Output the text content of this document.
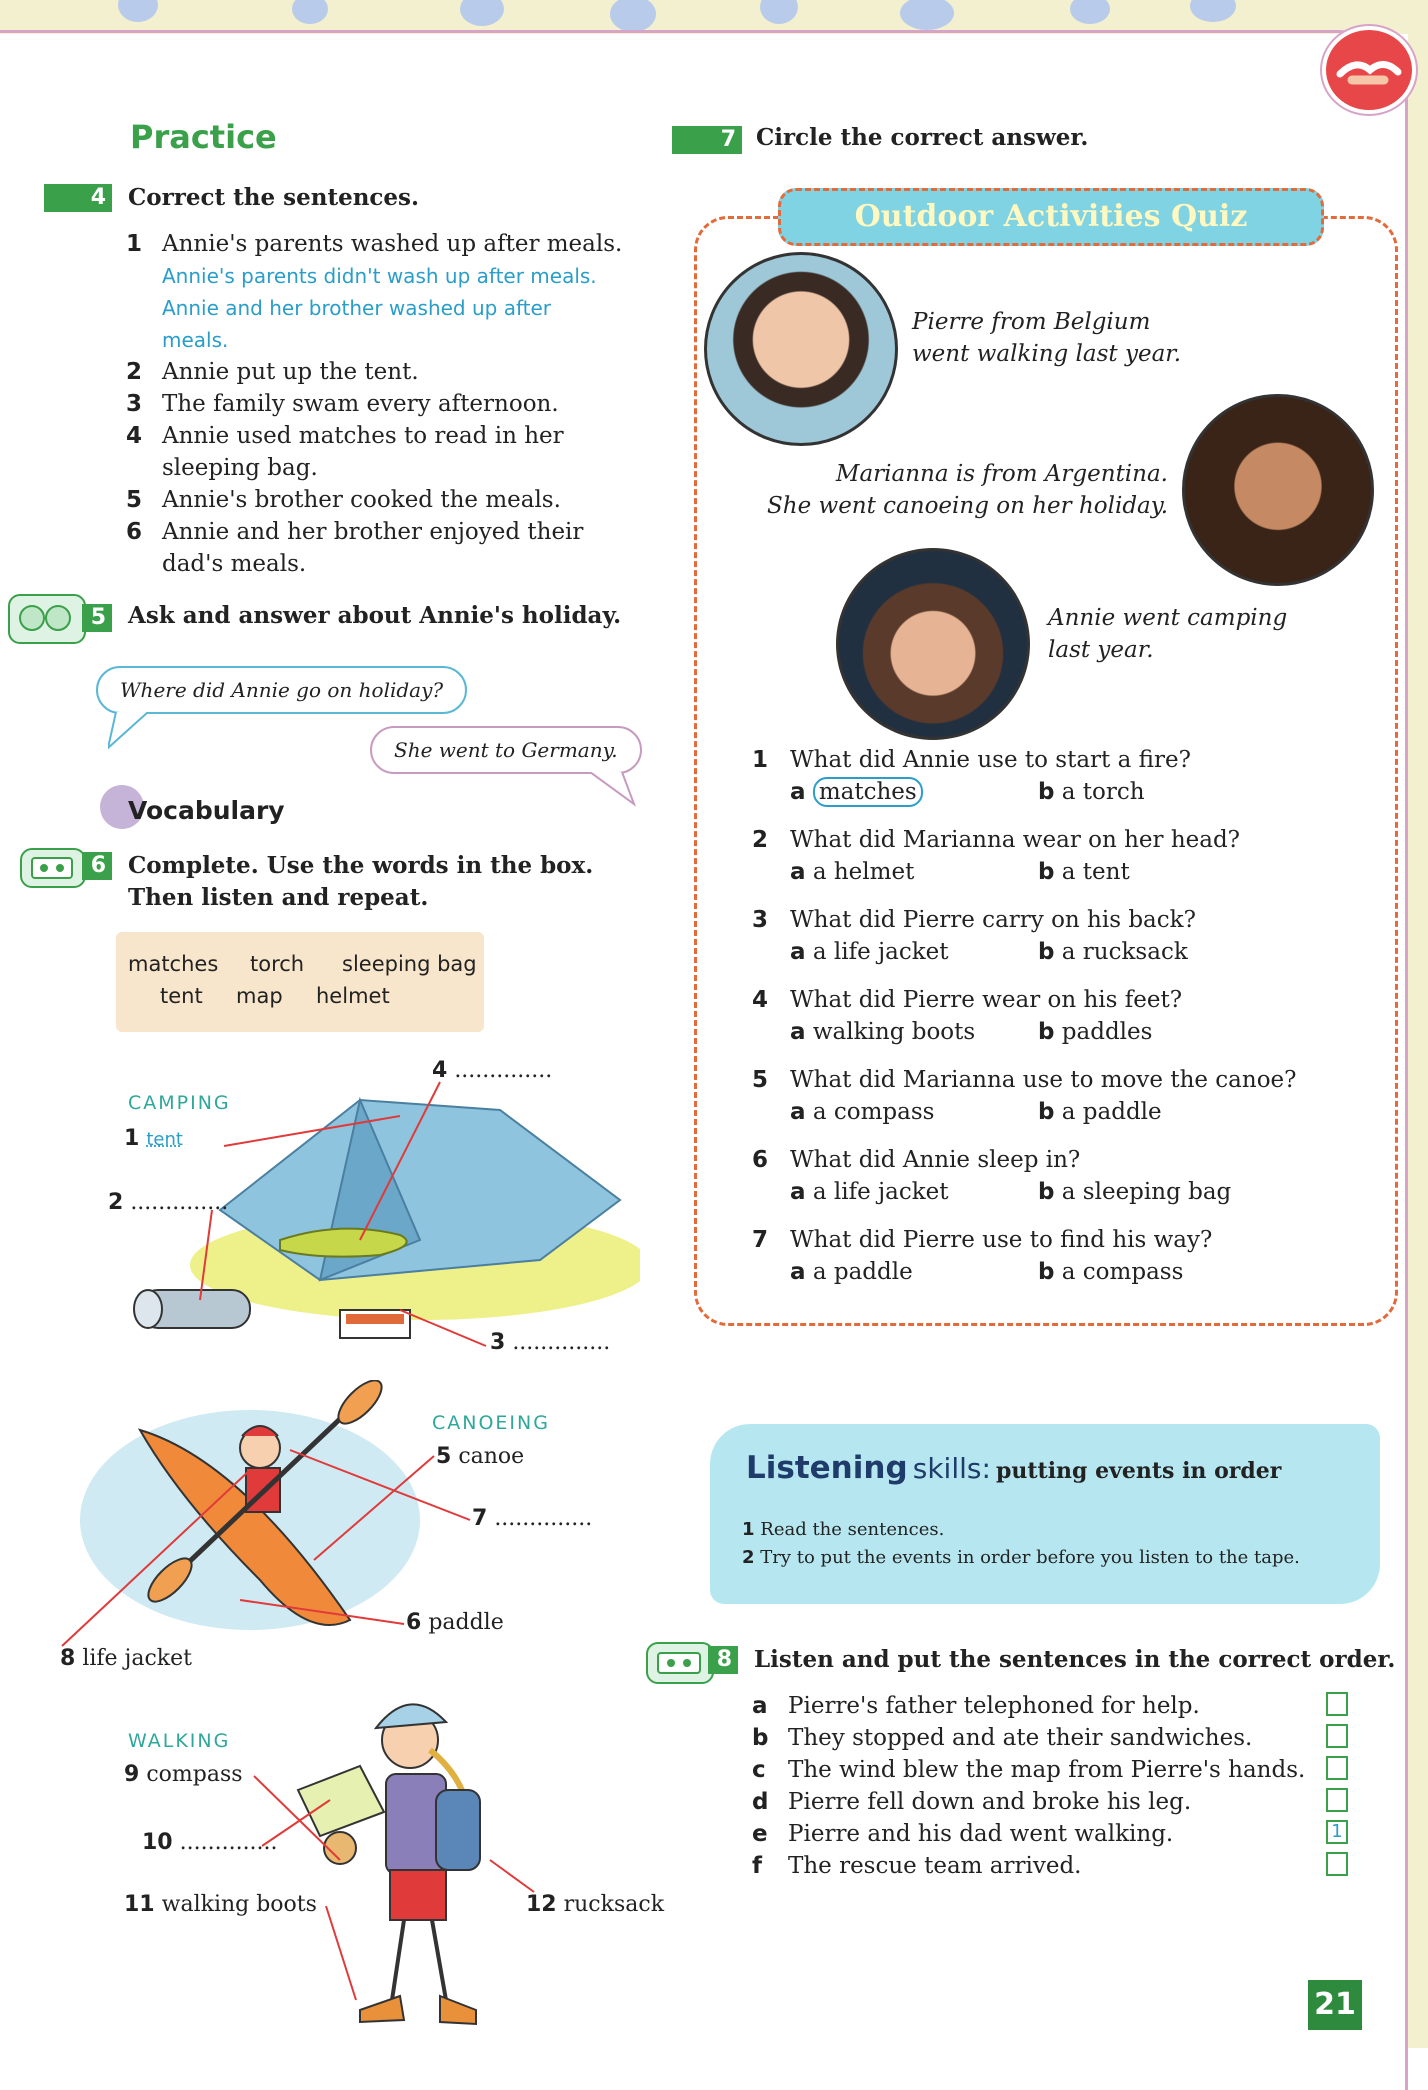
Practice
4 Correct the sentences.
1 Annie's parents washed up after meals.
Annie's parents didn't wash up after meals.
Annie and her brother washed up after
meals.
2 Annie put up the tent.
3 The family swam every afternoon.
4 Annie used matches to read in her
sleeping bag.
5 Annie's brother cooked the meals.
6 Annie and her brother enjoyed their
dad's meals.
5 Ask and answer about Annie's holiday.
Where did Annie go on holiday?
She went to Germany.
Vocabulary
6 Complete. Use the words in the box.
Then listen and repeat.
matches torch sleeping bag
tent map helmet
CAMPING
1 tent
2 ..............
3 ..............
4 ..............
CANOEING
5 canoe
6 paddle
7 ..............
8 life jacket
WALKING
9 compass
10 ..............
11 walking boots	12 rucksack
7 Circle the correct answer.
Outdoor Activities Quiz
Pierre from Belgium
went walking last year.
Marianna is from Argentina.
She went canoeing on her holiday.
Annie went camping
last year.
1 What did Annie use to start a fire?
a matches	b a torch
2 What did Marianna wear on her head?
a a helmet	b a tent
3 What did Pierre carry on his back?
a a life jacket	b a rucksack
4 What did Pierre wear on his feet?
a walking boots	b paddles
5 What did Marianna use to move the canoe?
a a compass	b a paddle
6 What did Annie sleep in?
a a life jacket	b a sleeping bag
7 What did Pierre use to find his way?
a a paddle	b a compass
Listening skills: putting events in order
1 Read the sentences.
2 Try to put the events in order before you listen to the tape.
8 Listen and put the sentences in the correct order.
a Pierre's father telephoned for help.
b They stopped and ate their sandwiches.
c The wind blew the map from Pierre's hands.
d Pierre fell down and broke his leg.
e Pierre and his dad went walking.
f The rescue team arrived.
1
21
